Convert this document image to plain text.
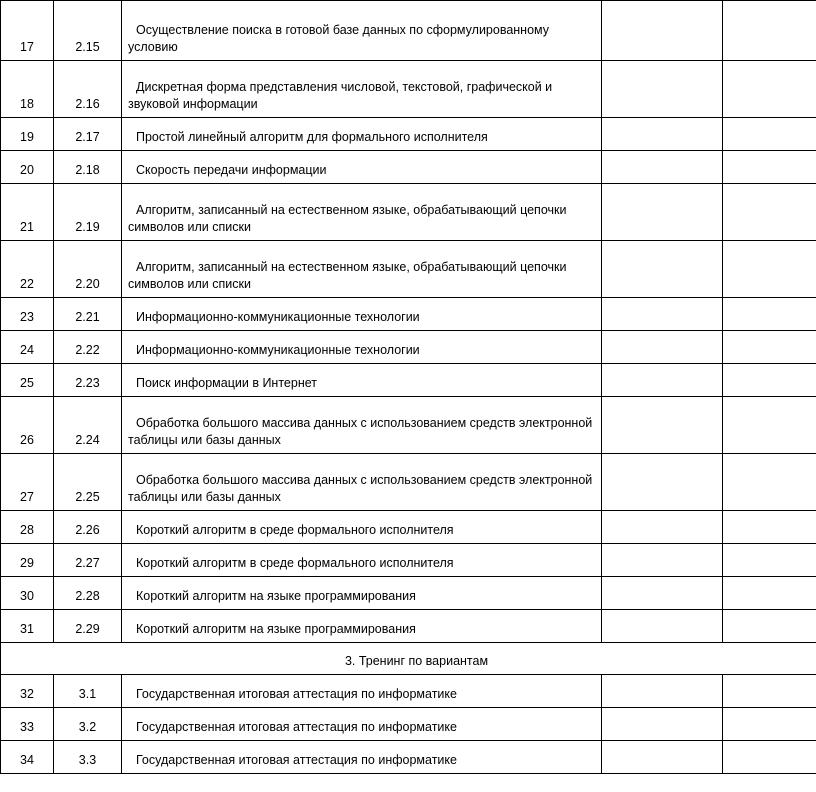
17	2.15	Осуществление поиска в готовой базе данных по сформулированному
условию			

18	2.16	Дискретная форма представления числовой, текстовой, графической и
звуковой информации			

19	2.17	Простой линейный алгоритм для формального исполнителя			

20	2.18	Скорость передачи информации			

21	2.19	Алгоритм, записанный на естественном языке, обрабатывающий цепочки
символов или списки			

22	2.20	Алгоритм, записанный на естественном языке, обрабатывающий цепочки
символов или списки			

23	2.21	Информационно-коммуникационные технологии			

24	2.22	Информационно-коммуникационные технологии			

25	2.23	Поиск информации в Интернет			

26	2.24	Обработка большого массива данных с использованием средств электронной
таблицы или базы данных			

27	2.25	Обработка большого массива данных с использованием средств электронной
таблицы или базы данных			

28	2.26	Короткий алгоритм в среде формального исполнителя			

29	2.27	Короткий алгоритм в среде формального исполнителя			

30	2.28	Короткий алгоритм на языке программирования			

31	2.29	Короткий алгоритм на языке программирования			

3. Тренинг по вариантам					
32	3.1	Государственная итоговая аттестация по информатике			

33	3.2	Государственная итоговая аттестация по информатике			

34	3.3	Государственная итоговая аттестация по информатике			
